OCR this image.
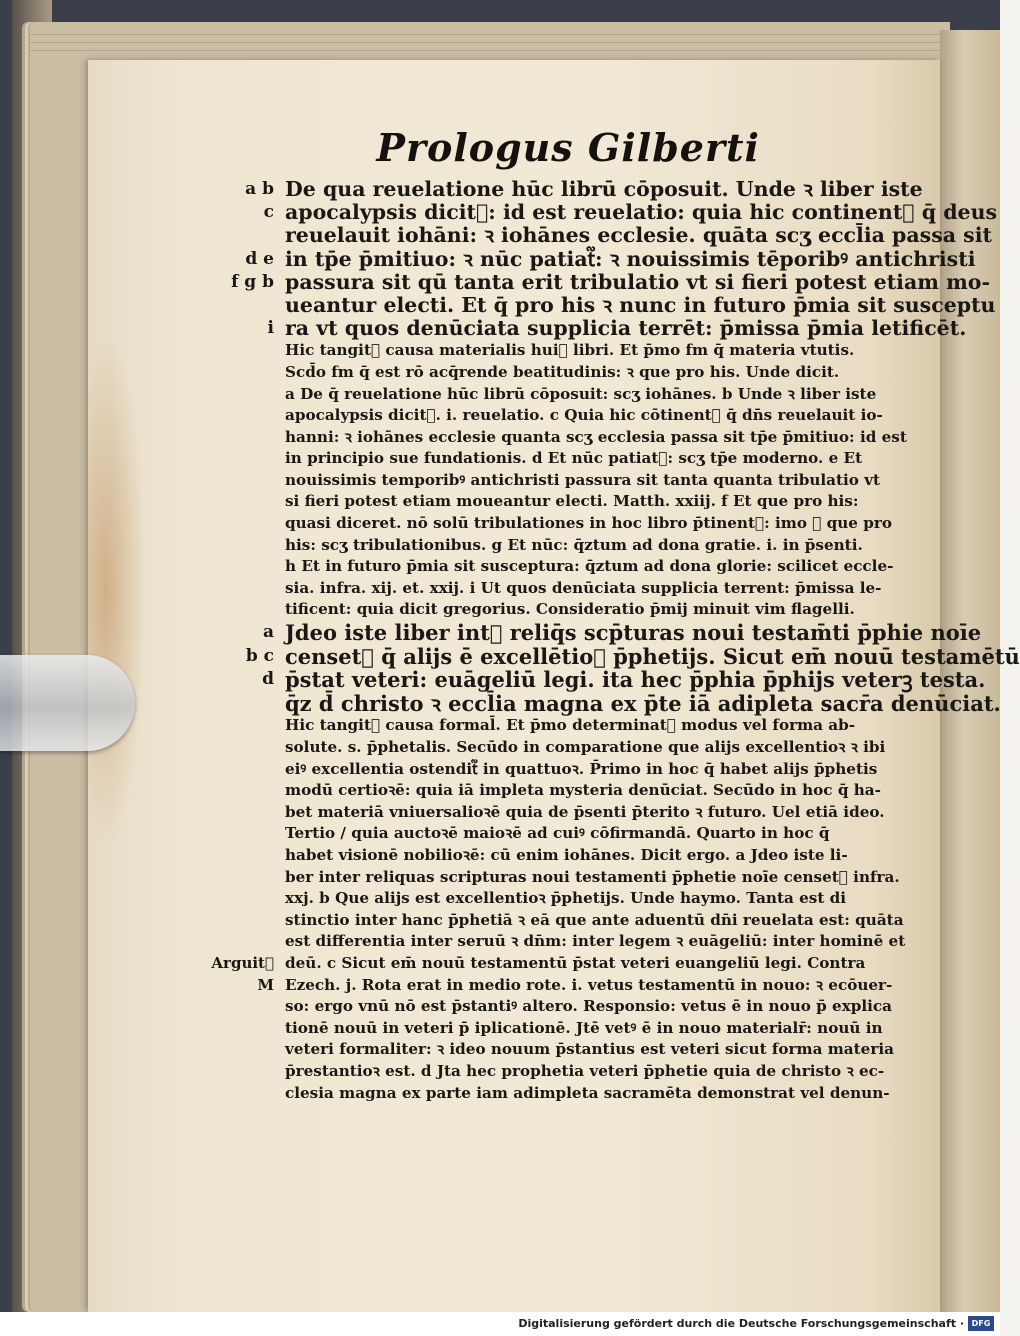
Prologus Gilberti
a b De qua reuelatione hūc librū cōposuit. Unde ꝛ liber iste
c apocalypsis dicit᷑: id est reuelatio: quia hic continent᷑ q̄ deus
reuelauit iohāni: ꝛ iohānes ecclesie. quāta scʒ eccl̄ia passa sit
d e in tp̄e p̄mitiuo: ꝛ nūc patiat᷑: ꝛ nouissimis tēporibꝰ antichristi
f g b passura sit qū tanta erit tribulatio vt si fieri potest etiam mo-
ueantur electi. Et q̄ pro his ꝛ nunc in futuro p̄mia sit susceptu
i ra vt quos denūciata supplicia terrēt: p̄missa p̄mia letificēt.
Hic tangit᷑ causa materialis huiꝰ libri. Et p̄mo fm q̄ materia vtutis.
Scd̄o fm q̄ est rō acq̄rende beatitudinis: ꝛ que pro his. Unde dicit.
a De q̄ reuelatione hūc librū cōposuit: scʒ iohānes. b Unde ꝛ liber iste
apocalypsis dicit᷑. i. reuelatio. c Quia hic cōtinent᷑ q̄ dn̄s reuelauit io-
hanni: ꝛ iohānes ecclesie quanta scʒ ecclesia passa sit tp̄e p̄mitiuo: id est
in principio sue fundationis. d Et nūc patiat᷑: scʒ tp̄e moderno. e Et
nouissimis temporibꝰ antichristi passura sit tanta quanta tribulatio vt
si fieri potest etiam moueantur electi. Matth. xxiij. f Et que pro his:
quasi diceret. nō solū tribulationes in hoc libro p̄tinent᷑: imo ꝛ que pro
his: scʒ tribulationibus. g Et nūc: q̄ztum ad dona gratie. i. in p̄senti.
h Et in futuro p̄mia sit susceptura: q̄ztum ad dona glorie: scilicet eccle-
sia. infra. xij. et. xxij. i Ut quos denūciata supplicia terrent: p̄missa le-
tificent: quia dicit gregorius. Consideratio p̄mij minuit vim flagelli.
a Jdeo iste liber int᷑ reliq̄s scp̄turas noui testam̄ti p̄phie noīe
b c censet᷑ q̄ alijs ē excellētioꝛ p̄phetijs. Sicut em̄ nouū testamētū
d p̄stat veteri: euāgeliū legi. ita hec p̄phia p̄phijs veterꝫ testa.
q̄z d̄ christo ꝛ eccl̄ia magna ex p̄te iā adipleta sacr̄a denūciat.
Hic tangit᷑ causa formal̄. Et p̄mo determinat᷑ modus vel forma ab-
solute. s. p̄phetalis. Secūdo in comparatione que alijs excellentioꝛ ꝛ ibi
eiꝰ excellentia ostendit᷑ in quattuoꝛ. P̄rimo in hoc q̄ habet alijs p̄phetis
modū certioꝛē: quia iā impleta mysteria denūciat. Secūdo in hoc q̄ ha-
bet materiā vniuersalioꝛē quia de p̄senti p̄terito ꝛ futuro. Uel etiā ideo.
Tertio / quia auctoꝛē maioꝛē ad cuiꝰ cōfirmandā. Quarto in hoc q̄
habet visionē nobilioꝛē: cū enim iohānes. Dicit ergo. a Jdeo iste li-
ber inter reliquas scripturas noui testamenti p̄phetie noīe censet᷑ infra.
xxj. b Que alijs est excellentioꝛ p̄phetijs. Unde haymo. Tanta est di
stinctio inter hanc p̄phetiā ꝛ eā que ante aduentū dn̄i reuelata est: quāta
est differentia inter seruū ꝛ dn̄m: inter legem ꝛ euāgeliū: inter hominē et
Arguit᷑ deū. c Sicut em̄ nouū testamentū p̄stat veteri euangeliū legi. Contra
M Ezech. j. Rota erat in medio rote. i. vetus testamentū in nouo: ꝛ ecōuer-
so: ergo vnū nō est p̄stantiꝰ altero. Responsio: vetus ē in nouo p̄ explica
tionē nouū in veteri p̄ iplicationē. Jtē vetꝰ ē in nouo materialr̄: nouū in
veteri formaliter: ꝛ ideo nouum p̄stantius est veteri sicut forma materia
p̄restantioꝛ est. d Jta hec prophetia veteri p̄phetie quia de christo ꝛ ec-
clesia magna ex parte iam adimpleta sacramēta demonstrat vel denun-
Digitalisierung gefördert durch die Deutsche Forschungsgemeinschaft · DFG
